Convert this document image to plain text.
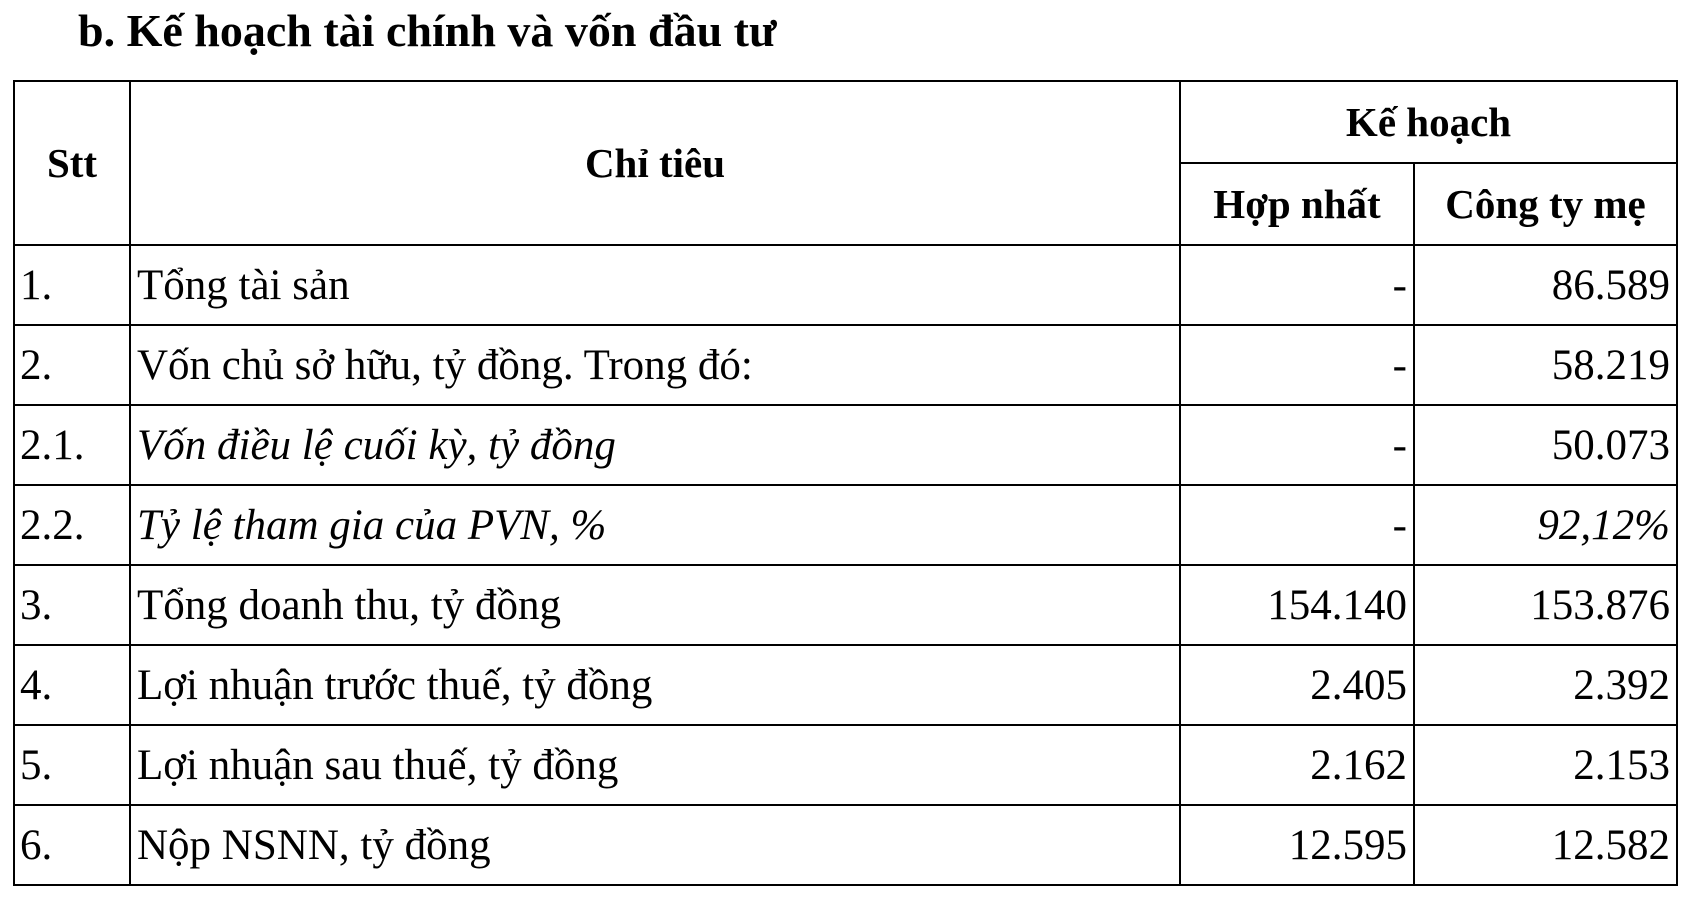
b. Kế hoạch tài chính và vốn đầu tư
Stt	Chỉ tiêu	Kế hoạch	
		Hợp nhất	Công ty mẹ
1.	Tổng tài sản	-	86.589
2.	Vốn chủ sở hữu, tỷ đồng. Trong đó:	-	58.219
2.1.	Vốn điều lệ cuối kỳ, tỷ đồng	-	50.073
2.2.	Tỷ lệ tham gia của PVN, %	-	92,12%
3.	Tổng doanh thu, tỷ đồng	154.140	153.876
4.	Lợi nhuận trước thuế, tỷ đồng	2.405	2.392
5.	Lợi nhuận sau thuế, tỷ đồng	2.162	2.153
6.	Nộp NSNN, tỷ đồng	12.595	12.582
